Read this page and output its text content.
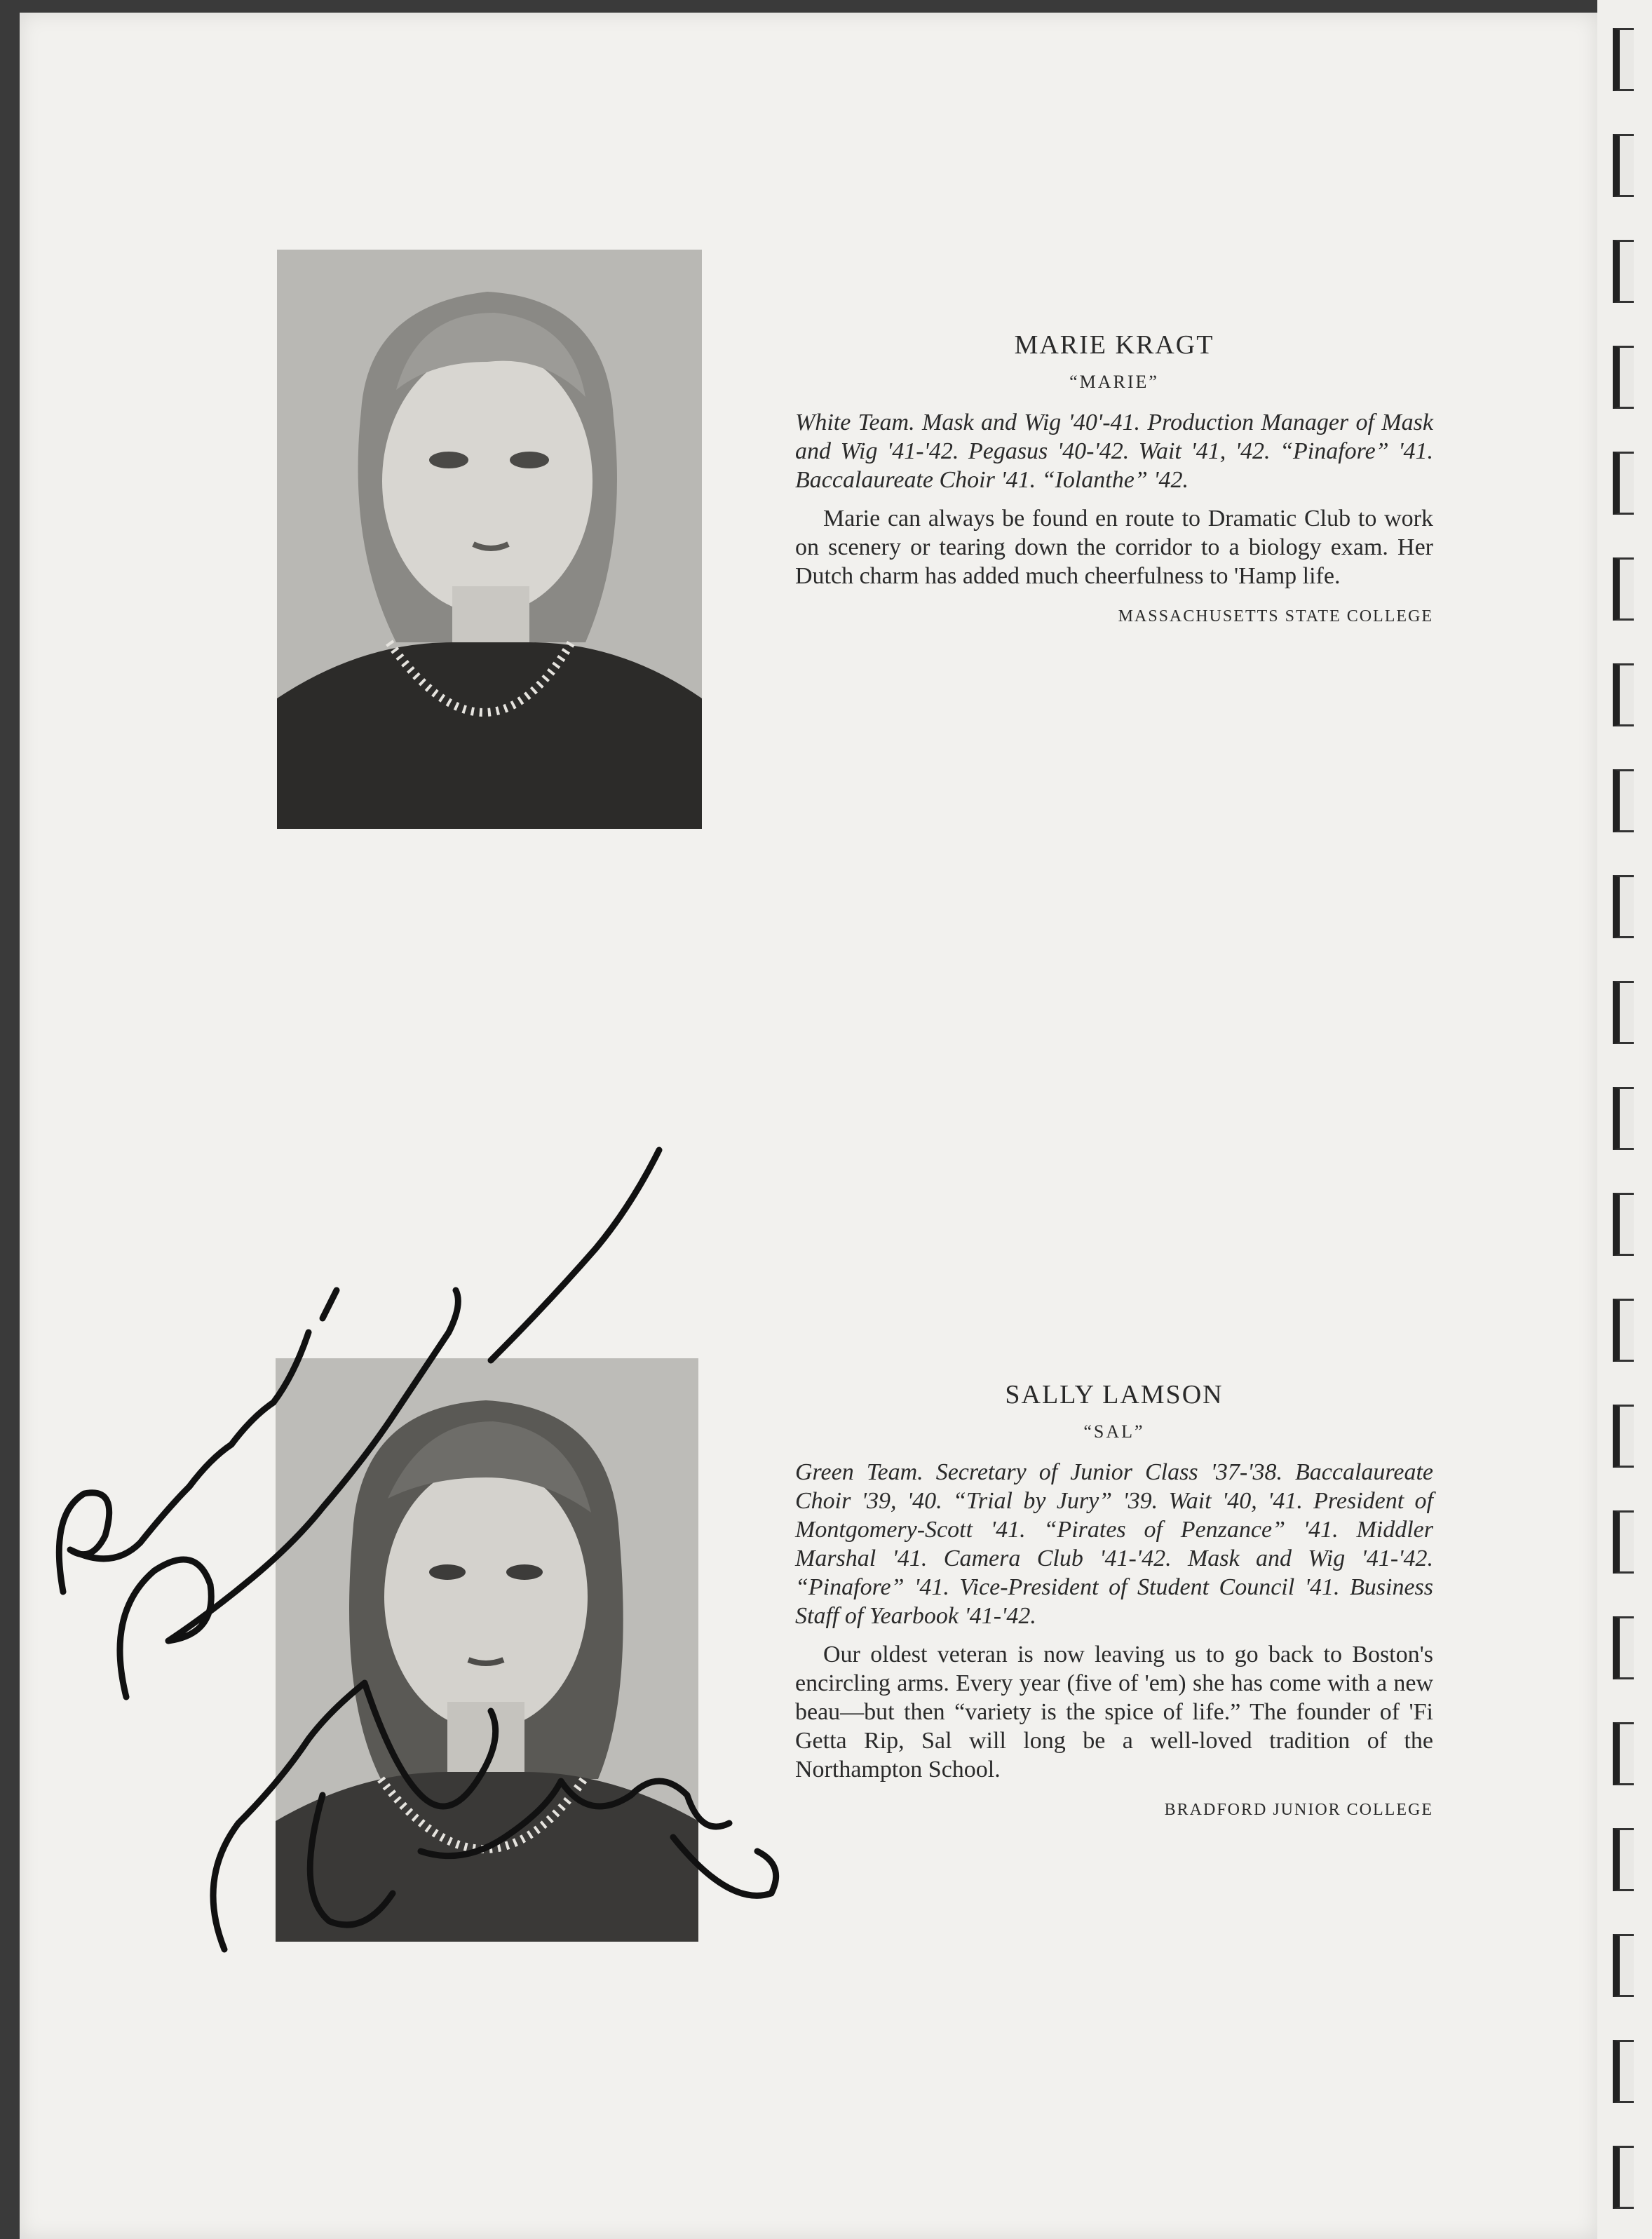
MARIE KRAGT
“MARIE”

White Team. Mask and Wig '40'-41. Production Manager of Mask and Wig '41-'42. Pegasus '40-'42. Wait '41, '42. “Pinafore” '41. Baccalaureate Choir '41. “Iolanthe” '42.

Marie can always be found en route to Dramatic Club to work on scenery or tearing down the corridor to a biology exam. Her Dutch charm has added much cheerfulness to 'Hamp life.

MASSACHUSETTS STATE COLLEGE
SALLY LAMSON
“SAL”

Green Team. Secretary of Junior Class '37-'38. Baccalaureate Choir '39, '40. “Trial by Jury” '39. Wait '40, '41. President of Montgomery-Scott '41. “Pirates of Penzance” '41. Middler Marshal '41. Camera Club '41-'42. Mask and Wig '41-'42. “Pinafore” '41. Vice-President of Student Council '41. Business Staff of Yearbook '41-'42.

Our oldest veteran is now leaving us to go back to Boston's encircling arms. Every year (five of 'em) she has come with a new beau—but then “variety is the spice of life.” The founder of 'Fi Getta Rip, Sal will long be a well-loved tradition of the Northampton School.

BRADFORD JUNIOR COLLEGE
